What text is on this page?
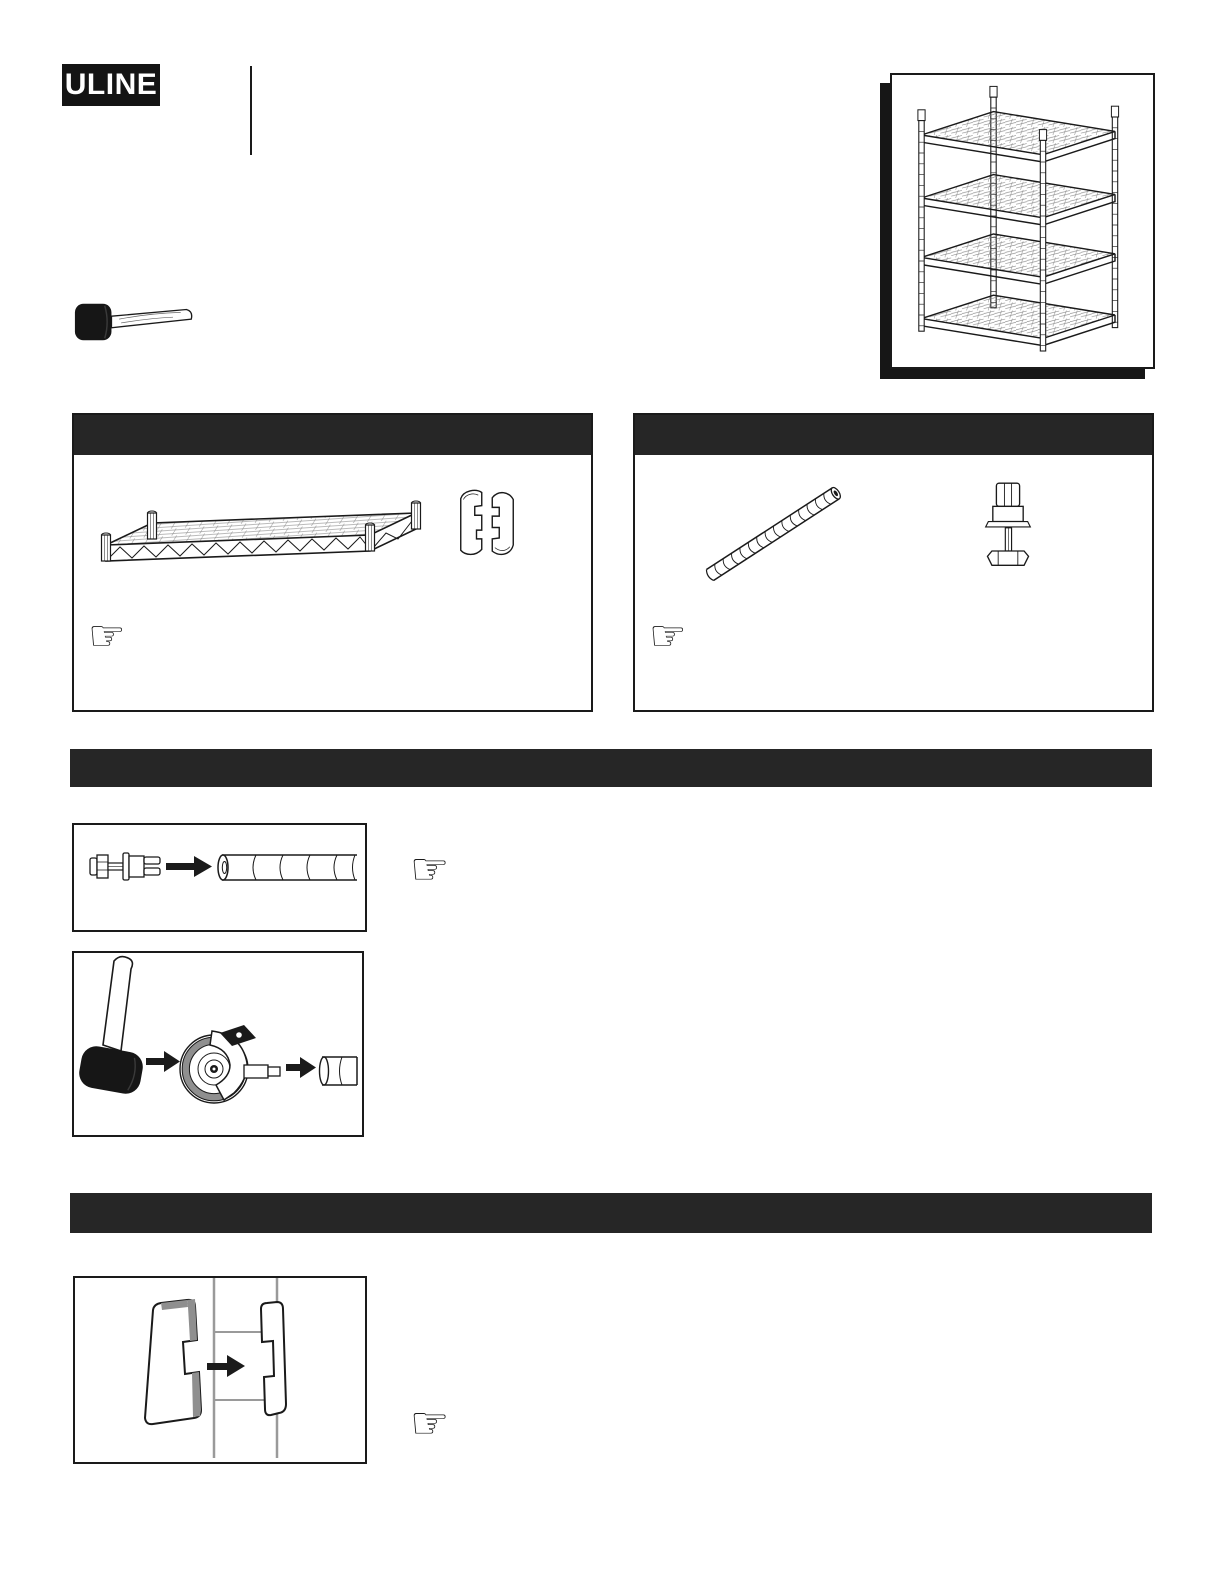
ULINE
☞	☞
☞
☞
